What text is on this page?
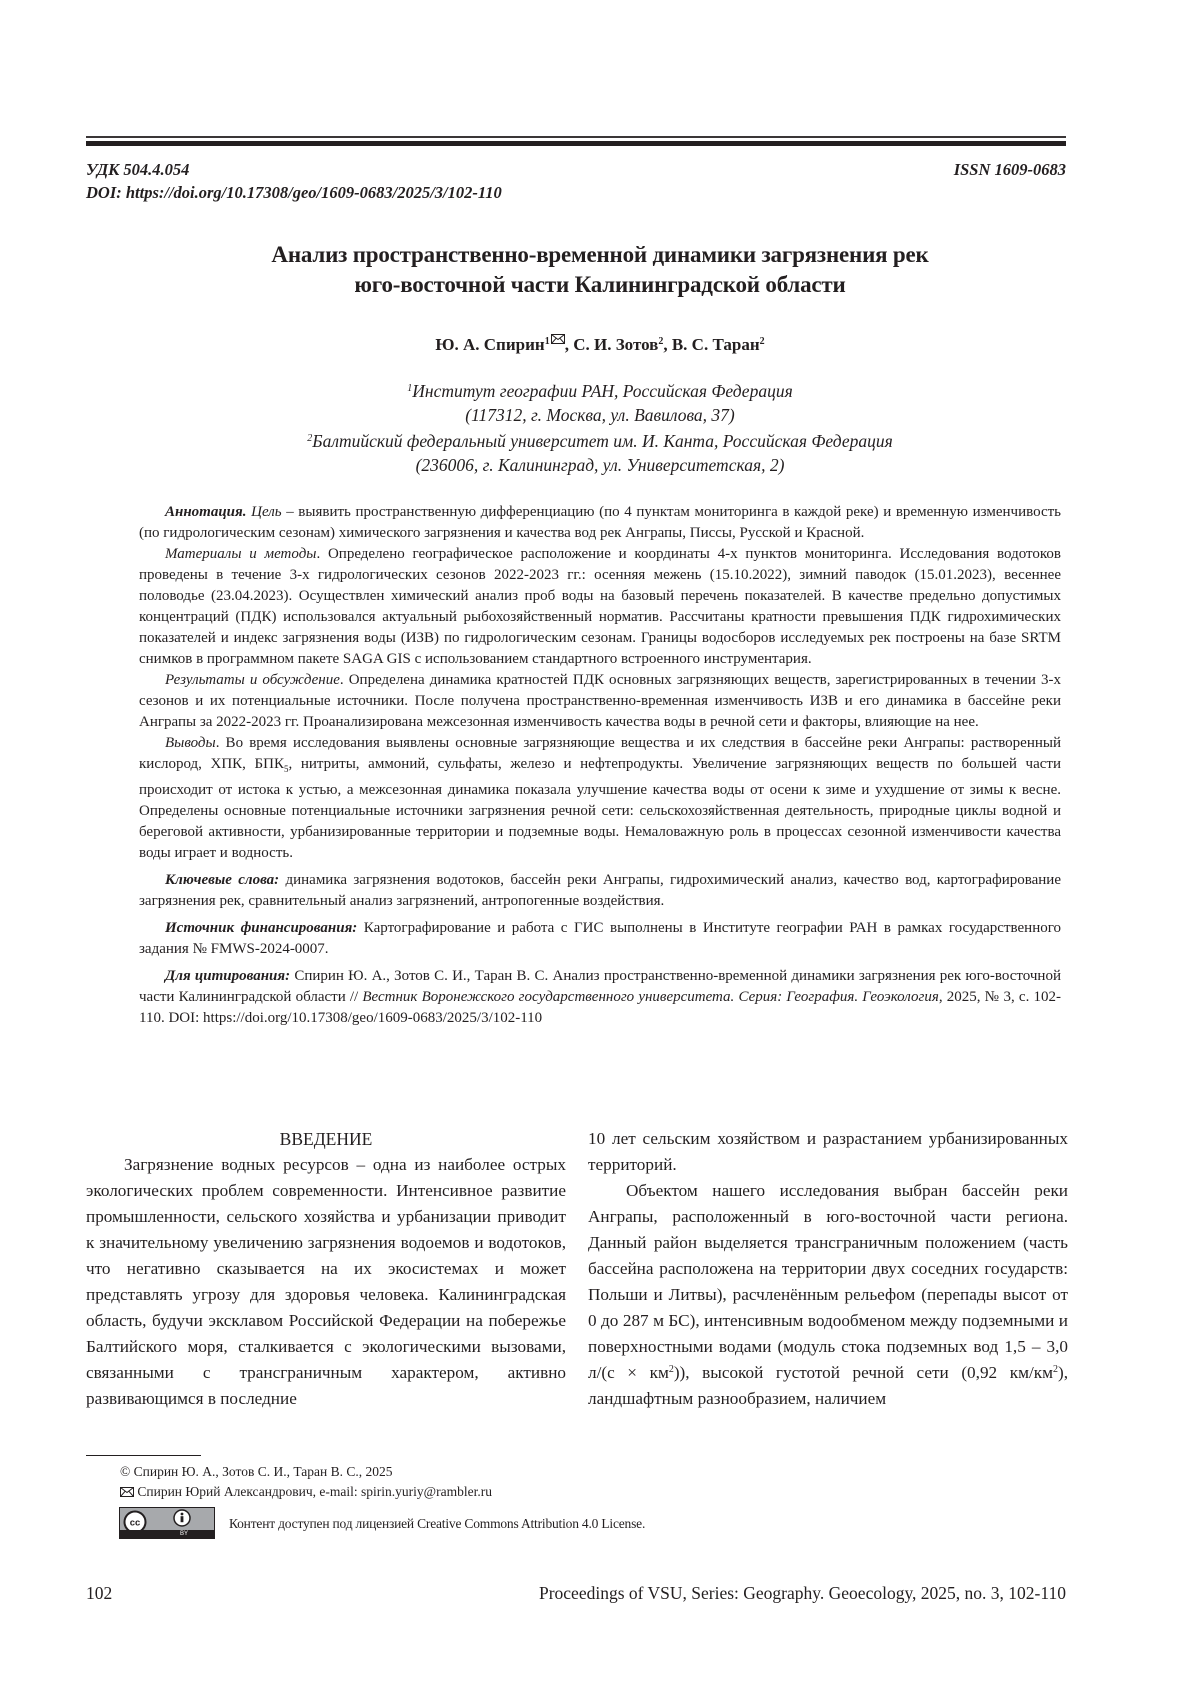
УДК 504.4.054
DOI: https://doi.org/10.17308/geo/1609-0683/2025/3/102-110
ISSN 1609-0683
Анализ пространственно-временной динамики загрязнения рек
юго-восточной части Калининградской области
Ю. А. Спирин$^1$ , С. И. Зотов$^2$, В. С. Таран$^2$
$^1$Институт географии РАН, Российская Федерация
(117312, г. Москва, ул. Вавилова, 37)
$^2$Балтийский федеральный университет им. И. Канта, Российская Федерация
(236006, г. Калининград, ул. Университетская, 2)

Аннотация. Цель – выявить пространственную дифференциацию (по 4 пунктам мониторинга в каждой реке) и временную изменчивость (по гидрологическим сезонам) химического загрязнения и качества вод рек Анграпы, Писсы, Русской и Красной.

Материалы и методы. Определено географическое расположение и координаты 4-х пунктов мониторинга. Исследования водотоков проведены в течение 3-х гидрологических сезонов 2022-2023 гг.: осенняя межень (15.10.2022), зимний паводок (15.01.2023), весеннее половодье (23.04.2023). Осуществлен химический анализ проб воды на базовый перечень показателей. В качестве предельно допустимых концентраций (ПДК) использовался актуальный рыбохозяйственный норматив. Рассчитаны кратности превышения ПДК гидрохимических показателей и индекс загрязнения воды (ИЗВ) по гидрологическим сезонам. Границы водосборов исследуемых рек построены на базе SRTM снимков в программном пакете SAGA GIS с использованием стандартного встроенного инструментария.

Результаты и обсуждение. Определена динамика кратностей ПДК основных загрязняющих веществ, зарегистрированных в течении 3-х сезонов и их потенциальные источники. После получена пространственно-временная изменчивость ИЗВ и его динамика в бассейне реки Анграпы за 2022-2023 гг. Проанализирована межсезонная изменчивость качества воды в речной сети и факторы, влияющие на нее.

Выводы. Во время исследования выявлены основные загрязняющие вещества и их следствия в бассейне реки Анграпы: растворенный кислород, ХПК, $БПК_5$, нитриты, аммоний, сульфаты, железо и нефтепродукты. Увеличение загрязняющих веществ по большей части происходит от истока к устью, а межсезонная динамика показала улучшение качества воды от осени к зиме и ухудшение от зимы к весне. Определены основные потенциальные источники загрязнения речной сети: сельскохозяйственная деятельность, природные циклы водной и береговой активности, урбанизированные территории и подземные воды. Немаловажную роль в процессах сезонной изменчивости качества воды играет и водность.

Ключевые слова: динамика загрязнения водотоков, бассейн реки Анграпы, гидрохимический анализ, качество вод, картографирование загрязнения рек, сравнительный анализ загрязнений, антропогенные воздействия.

Источник финансирования: Картографирование и работа с ГИС выполнены в Институте географии РАН в рамках государственного задания № FMWS-2024-0007.

Для цитирования: Спирин Ю. А., Зотов С. И., Таран В. С. Анализ пространственно-временной динамики загрязнения рек юго-восточной части Калининградской области // Вестник Воронежского государственного университета. Серия: География. Геоэкология, 2025, № 3, с. 102-110. DOI: https://doi.org/10.17308/geo/1609-0683/2025/3/102-110

ВВЕДЕНИЕ

Загрязнение водных ресурсов – одна из наиболее острых экологических проблем современности. Интенсивное развитие промышленности, сельского хозяйства и урбанизации приводит к значительному увеличению загрязнения водоемов и водотоков, что негативно сказывается на их экосистемах и может представлять угрозу для здоровья человека. Калининградская область, будучи эксклавом Российской Федерации на побережье Балтийского моря, сталкивается с экологическими вызовами, связанными с трансграничным характером, активно развивающимся в последние

10 лет сельским хозяйством и разрастанием урбанизированных территорий.

Объектом нашего исследования выбран бассейн реки Анграпы, расположенный в юго-восточной части региона. Данный район выделяется трансграничным положением (часть бассейна расположена на территории двух соседних государств: Польши и Литвы), расчленённым рельефом (перепады высот от 0 до 287 м БС), интенсивным водообменом между подземными и поверхностными водами (модуль стока подземных вод 1,5 – 3,0 $л/(с \times км^2)$), высокой густотой речной сети (0,92 $км/км^2$), ландшафтным разнообразием, наличием

© Спирин Ю. А., Зотов С. И., Таран В. С., 2025
Спирин Юрий Александрович, e-mail: spirin.yuriy@rambler.ru
cc
BY
Контент доступен под лицензией Creative Commons Attribution 4.0 License.
102	Proceedings of VSU, Series: Geography. Geoecology, 2025, no. 3, 102-110
